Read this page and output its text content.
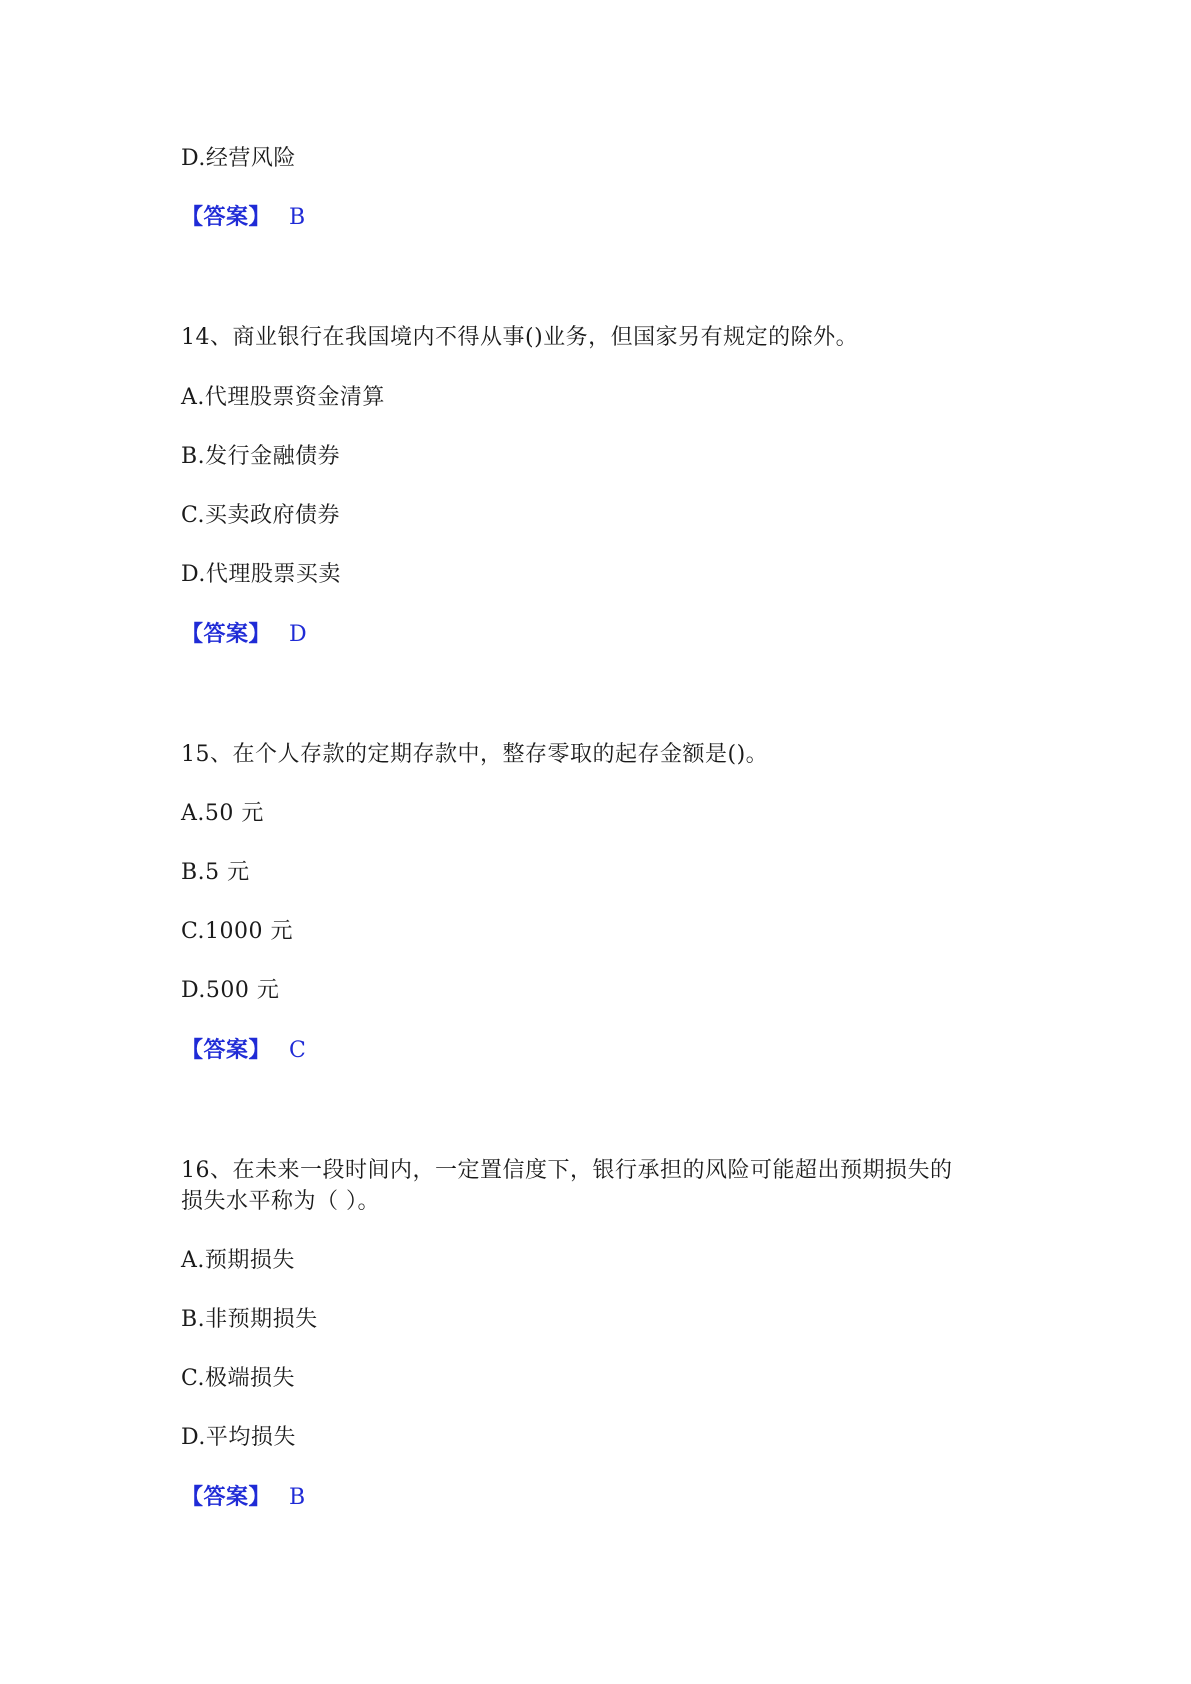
D.经营风险
【答案】 B
14、商业银行在我国境内不得从事()业务，但国家另有规定的除外。
A.代理股票资金清算
B.发行金融债券
C.买卖政府债券
D.代理股票买卖
【答案】 D
15、在个人存款的定期存款中，整存零取的起存金额是()。
A.50 元
B.5 元
C.1000 元
D.500 元
【答案】 C
16、在未来一段时间内，一定置信度下，银行承担的风险可能超出预期损失的
损失水平称为（ ）。
A.预期损失
B.非预期损失
C.极端损失
D.平均损失
【答案】 B
